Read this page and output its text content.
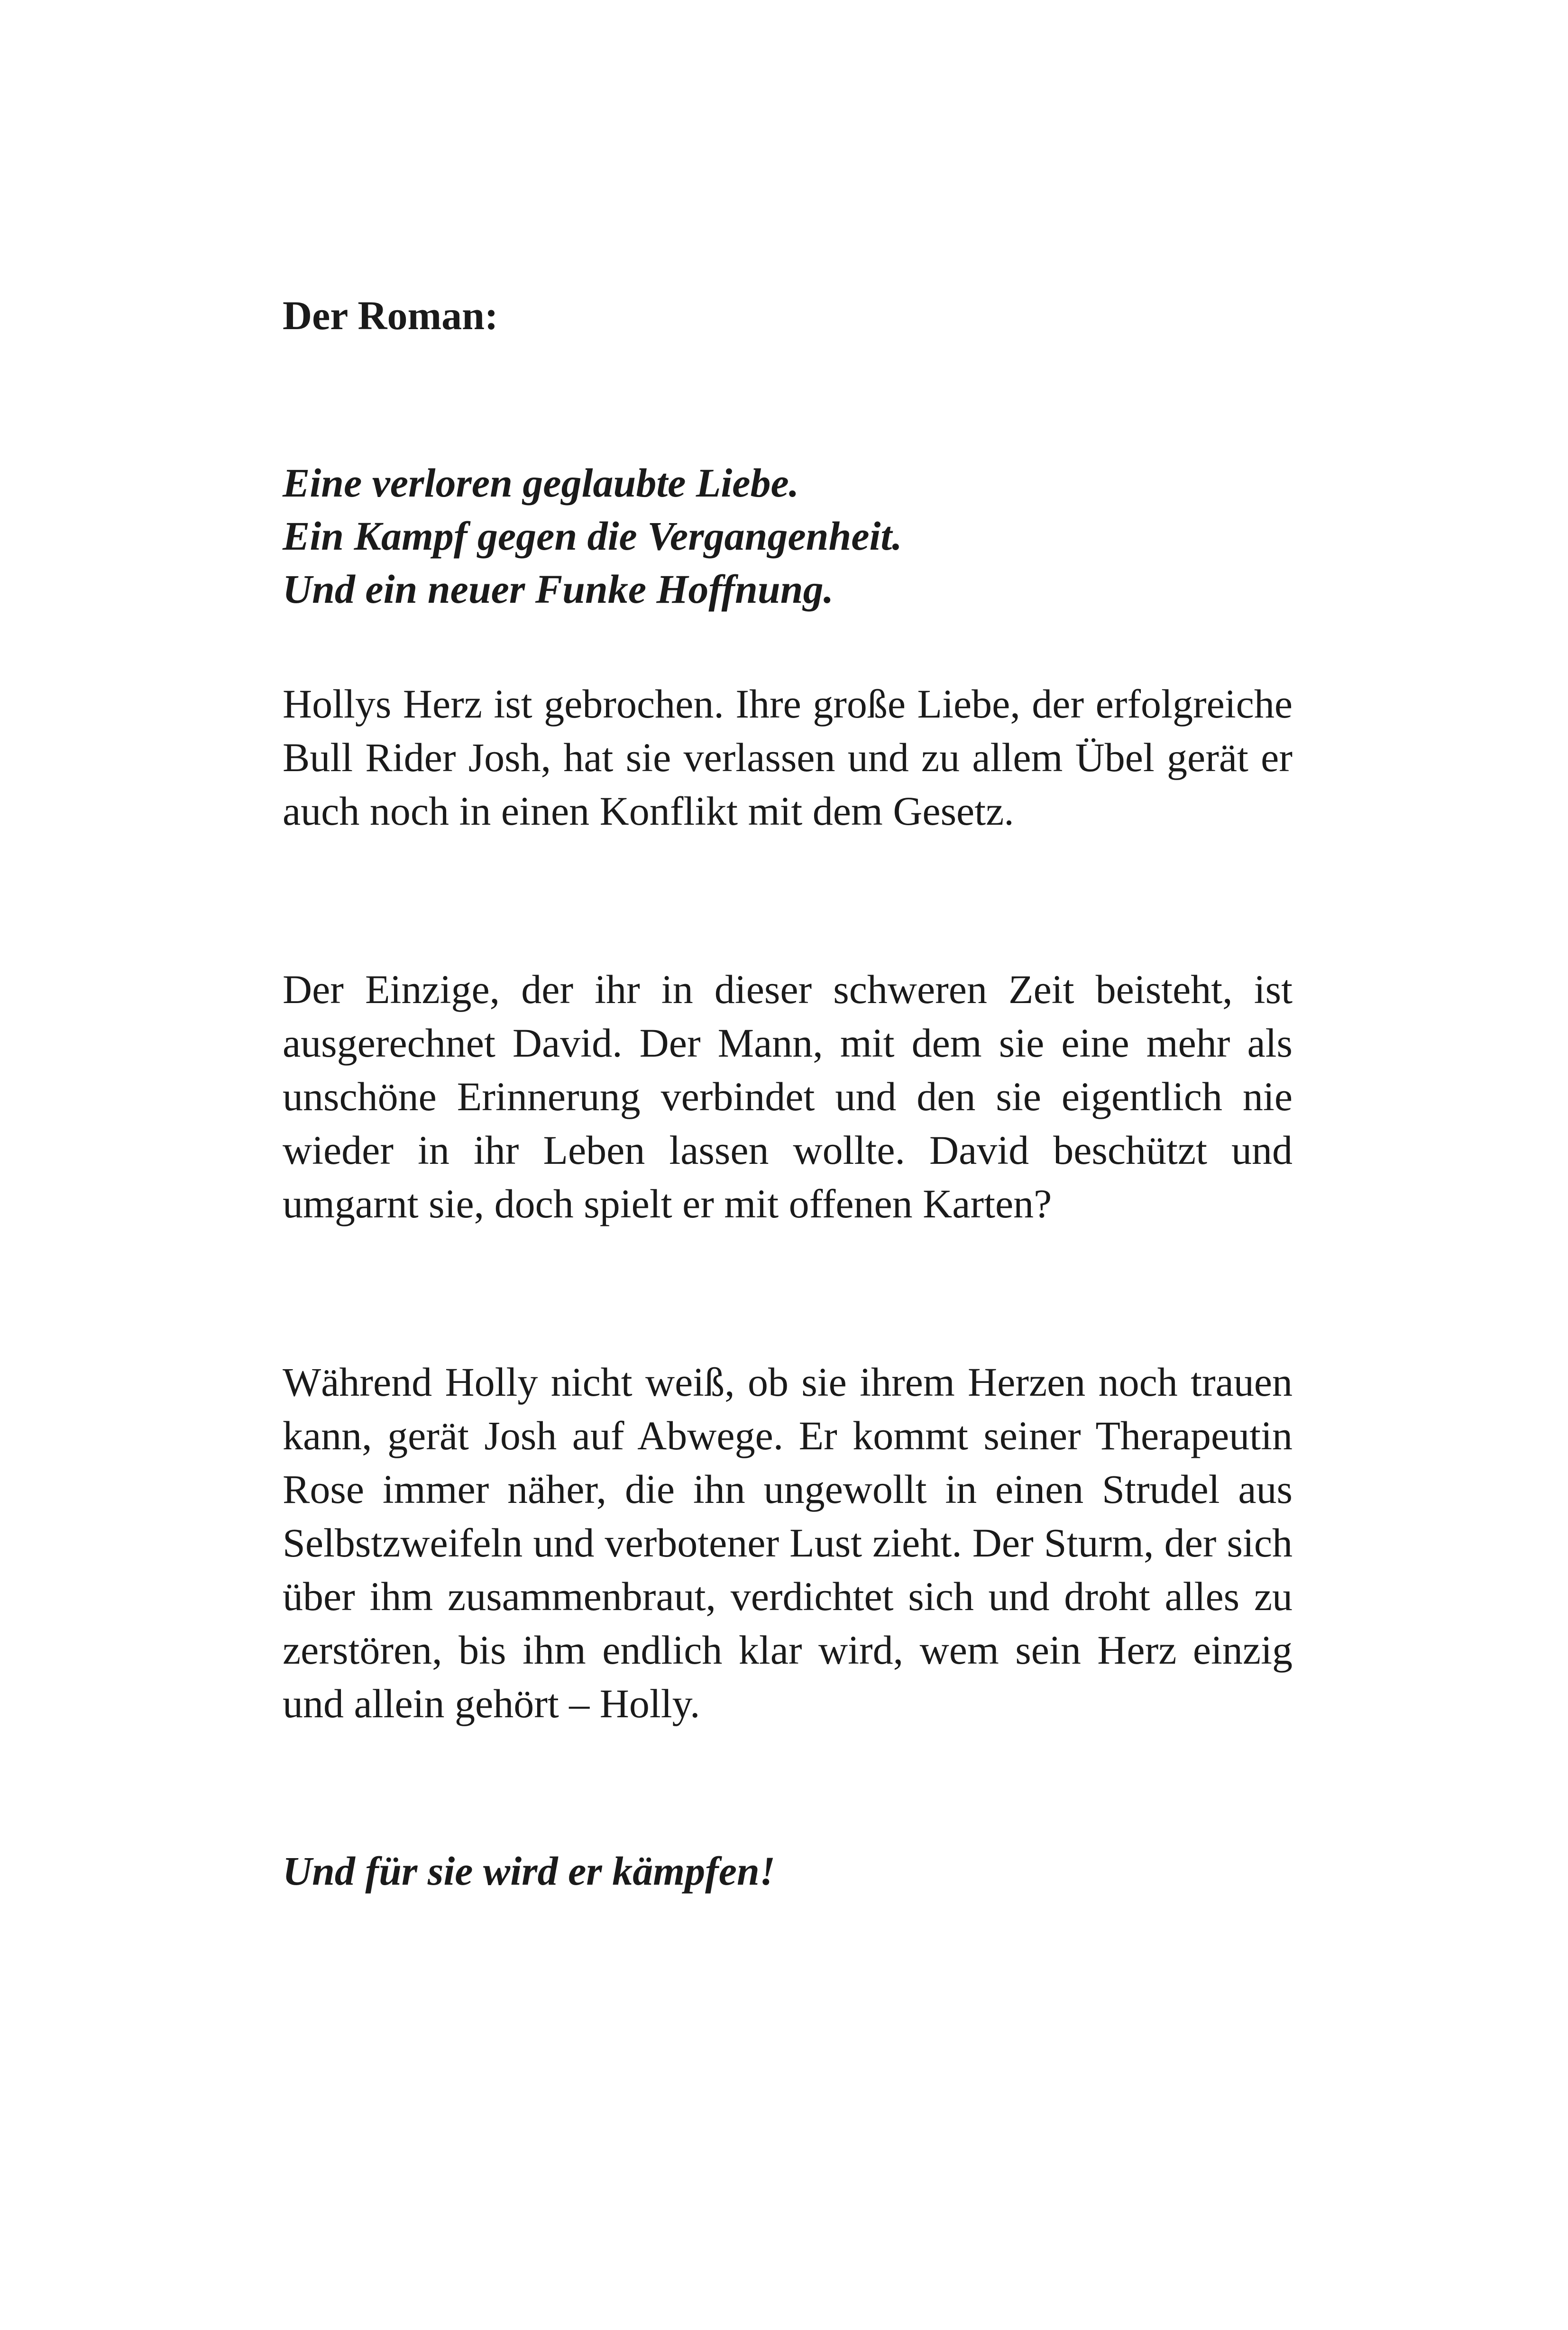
Der Roman:

Eine verloren geglaubte Liebe.
Ein Kampf gegen die Vergangenheit.
Und ein neuer Funke Hoffnung.

Hollys Herz ist gebrochen. Ihre große Liebe, der erfolgreiche Bull Rider Josh, hat sie verlassen und zu allem Übel gerät er auch noch in einen Konflikt mit dem Gesetz.

Der Einzige, der ihr in dieser schweren Zeit beisteht, ist ausgerechnet David. Der Mann, mit dem sie eine mehr als unschöne Erinnerung verbindet und den sie eigentlich nie wieder in ihr Leben lassen wollte. David beschützt und umgarnt sie, doch spielt er mit offenen Karten?

Während Holly nicht weiß, ob sie ihrem Herzen noch trauen kann, gerät Josh auf Abwege. Er kommt seiner Therapeutin Rose immer näher, die ihn ungewollt in einen Strudel aus Selbstzweifeln und verbotener Lust zieht. Der Sturm, der sich über ihm zusammenbraut, verdichtet sich und droht alles zu zerstören, bis ihm endlich klar wird, wem sein Herz einzig und allein gehört – Holly.

Und für sie wird er kämpfen!
